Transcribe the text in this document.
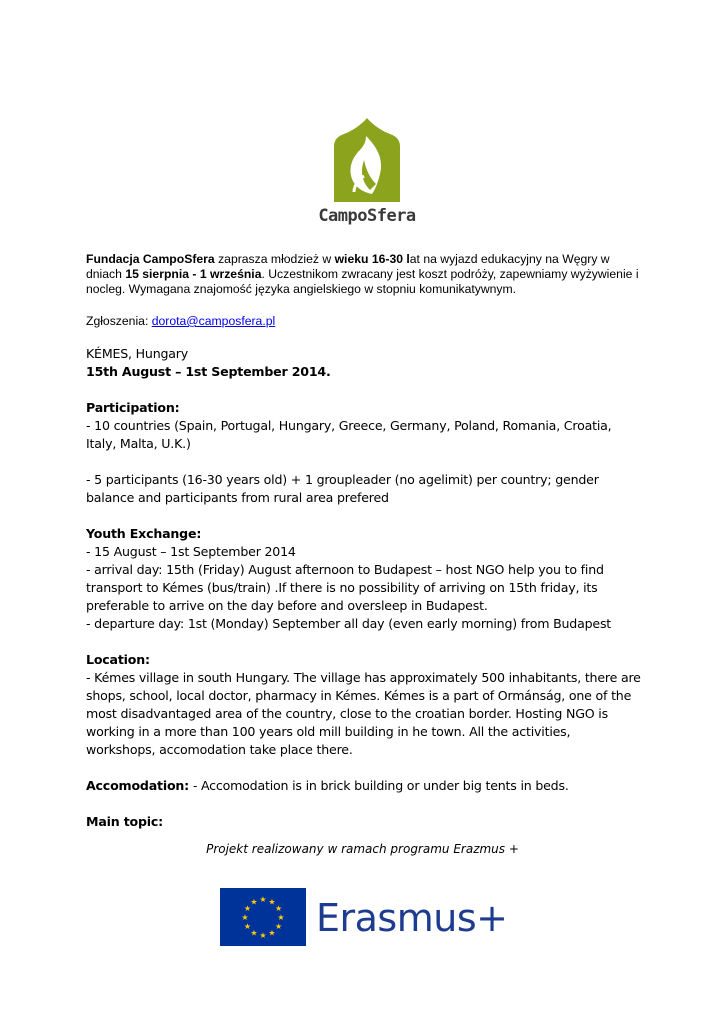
CampoSfera
Fundacja CampoSfera zaprasza młodzież w wieku 16-30 lat na wyjazd edukacyjny na Węgry w dniach 15 sierpnia - 1 września. Uczestnikom zwracany jest koszt podróży, zapewniamy wyżywienie i nocleg. Wymagana znajomość języka angielskiego w stopniu komunikatywnym.
Zgłoszenia: dorota@camposfera.pl

KÉMES, Hungary

15th August – 1st September 2014.

Participation:

- 10 countries (Spain, Portugal, Hungary, Greece, Germany, Poland, Romania, Croatia, Italy, Malta, U.K.)

- 5 participants (16-30 years old) + 1 groupleader (no agelimit) per country; gender balance and participants from rural area prefered

Youth Exchange:

- 15 August – 1st September 2014

- arrival day: 15th (Friday) August afternoon to Budapest – host NGO help you to find transport to Kémes (bus/train) .If there is no possibility of arriving on 15th friday, its preferable to arrive on the day before and oversleep in Budapest.

- departure day: 1st (Monday) September all day (even early morning) from Budapest

Location:

- Kémes village in south Hungary. The village has approximately 500 inhabitants, there are shops, school, local doctor, pharmacy in Kémes. Kémes is a part of Ormánság, one of the most disadvantaged area of the country, close to the croatian border. Hosting NGO is working in a more than 100 years old mill building in he town. All the activities, workshops, accomodation take place there.

Accomodation: - Accomodation is in brick building or under big tents in beds.

Main topic:

Projekt realizowany w ramach programu Erazmus +
★ ★
★
★
★
★
★
★
★
★
★
★ Erasmus+
